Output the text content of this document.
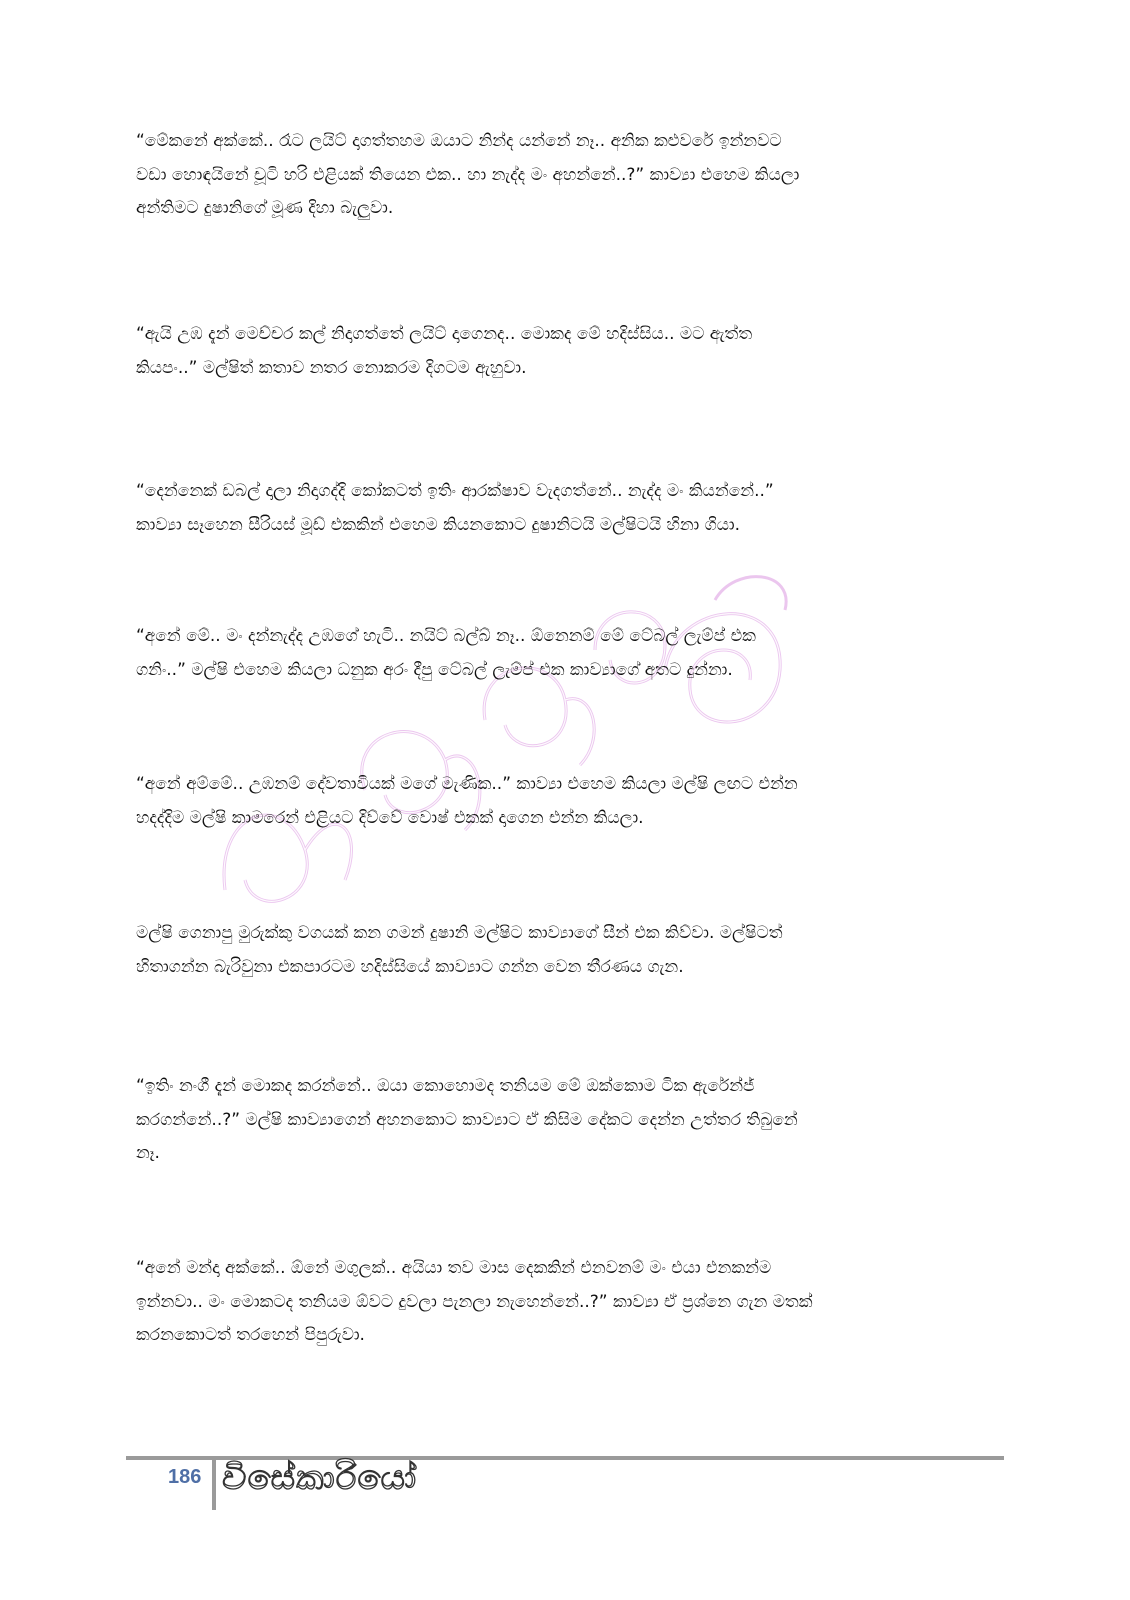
“මේකනේ අක්කේ.. රෑට ලයිට් දාගත්තහම ඔයාට නින්ද යන්නේ නෑ.. අනික කළුවරේ ඉන්නවට
වඩා හොඳයිනේ චූටි හරි එළියක් තියෙන එක.. හා නැද්ද මං අහන්නේ..?” කාව්‍යා එහෙම කියලා
අන්තිමට දුෂානිගේ මූණ දිහා බැලුවා.

“ඇයි උඹ දැන් මෙච්චර කල් නිදාගත්තේ ලයිට් දාගෙනද.. මොකද මේ හදිස්සිය.. මට ඇත්ත
කියපං..” මල්ෂිත් කතාව නතර නොකරම දිගටම ඇහුවා.

“දෙන්නෙක් ඩබල් දාලා නිදාගද්දි කෝකටත් ඉතිං ආරක්ෂාව වැදගත්නේ.. නැද්ද මං කියන්නේ..”
කාව්‍යා සෑහෙන සීරියස් මූඩ් එකකින් එහෙම කියනකොට දුෂානිටයි මල්ෂිටයි හිනා ගියා.

“අනේ මේ.. මං දන්නැද්ද උඹගේ හැටි.. නයිට් බල්බ් නෑ.. ඕනෙනම් මේ ටේබල් ලැම්ප් එක
ගනිං..” මල්ෂි එහෙම කියලා ධනුක අරං දීපු ටේබල් ලැම්ප් එක කාව්‍යාගේ අතට දුන්නා.

“අනේ අම්මේ.. උඹනම් දේවතාවියක් මගේ මැණික..” කාව්‍යා එහෙම කියලා මල්ෂි ලඟට එන්න
හදද්දිම මල්ෂි කාමරෙන් එළියට දිව්වේ වොෂ් එකක් දාගෙන එන්න කියලා.

මල්ෂි ගෙනාපු මුරුක්කු වගයක් කන ගමන් දුෂානි මල්ෂිට කාව්‍යාගේ සීන් එක කිව්වා. මල්ෂිටත්
හිතාගන්න බැරිවුනා එකපාරටම හදිස්සියේ කාව්‍යාට ගන්න වෙන තීරණය ගැන.

“ඉතිං නංගී දැන් මොකද කරන්නේ.. ඔයා කොහොමද තනියම මේ ඔක්කොම ටික ඇරේන්ජ්
කරගන්නේ..?” මල්ෂි කාව්‍යාගෙන් අහනකොට කාව්‍යාට ඒ කිසිම දේකට දෙන්න උත්තර තිබුනේ
නෑ.

“අනේ මන්දා අක්කේ.. ඕනේ මගුලක්.. අයියා තව මාස දෙකකින් එනවනම් මං එයා එනකන්ම
ඉන්නවා.. මං මොකටද තනියම ඕවට දුවලා පැනලා නැහෙන්නේ..?” කාව්‍යා ඒ ප්‍රශ්නෙ ගැන මතක්
කරනකොටත් තරහෙන් පිපුරුවා.

186 විසේකාරියෝ
